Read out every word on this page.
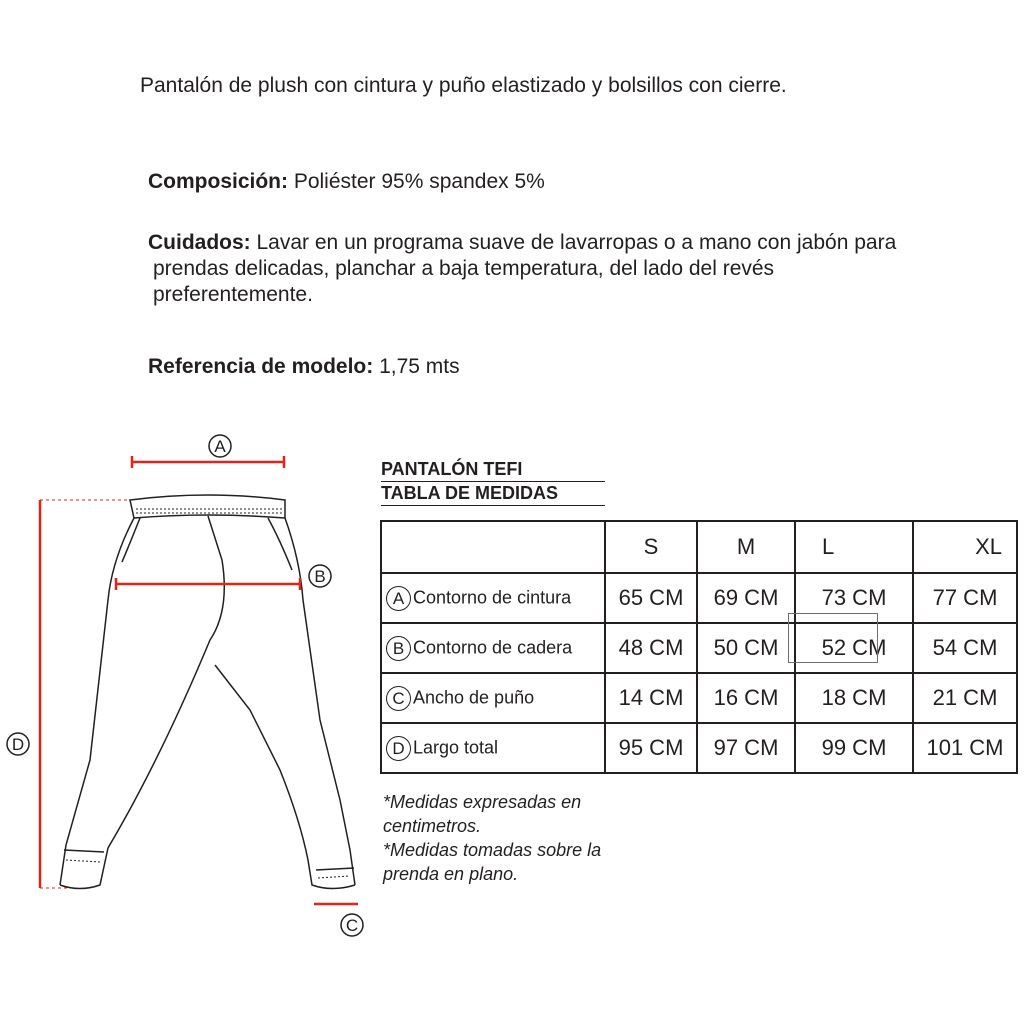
Pantalón de plush con cintura y puño elastizado y bolsillos con cierre.
Composición: Poliéster 95% spandex 5%
Cuidados: Lavar en un programa suave de lavarropas o a mano con jabón para
prendas delicadas, planchar a baja temperatura, del lado del revés
preferentemente.
Referencia de modelo: 1,75 mts
A
B
C
D
PANTALÓN TEFI
TABLA DE MEDIDAS
	S	M	L	XL
A Contorno de cintura	65 CM	69 CM	73 CM	77 CM
B Contorno de cadera	48 CM	50 CM	52 CM	54 CM
C Ancho de puño	14 CM	16 CM	18 CM	21 CM
D Largo total	95 CM	97 CM	99 CM	101 CM
*Medidas expresadas en
centimetros.
*Medidas tomadas sobre la
prenda en plano.
